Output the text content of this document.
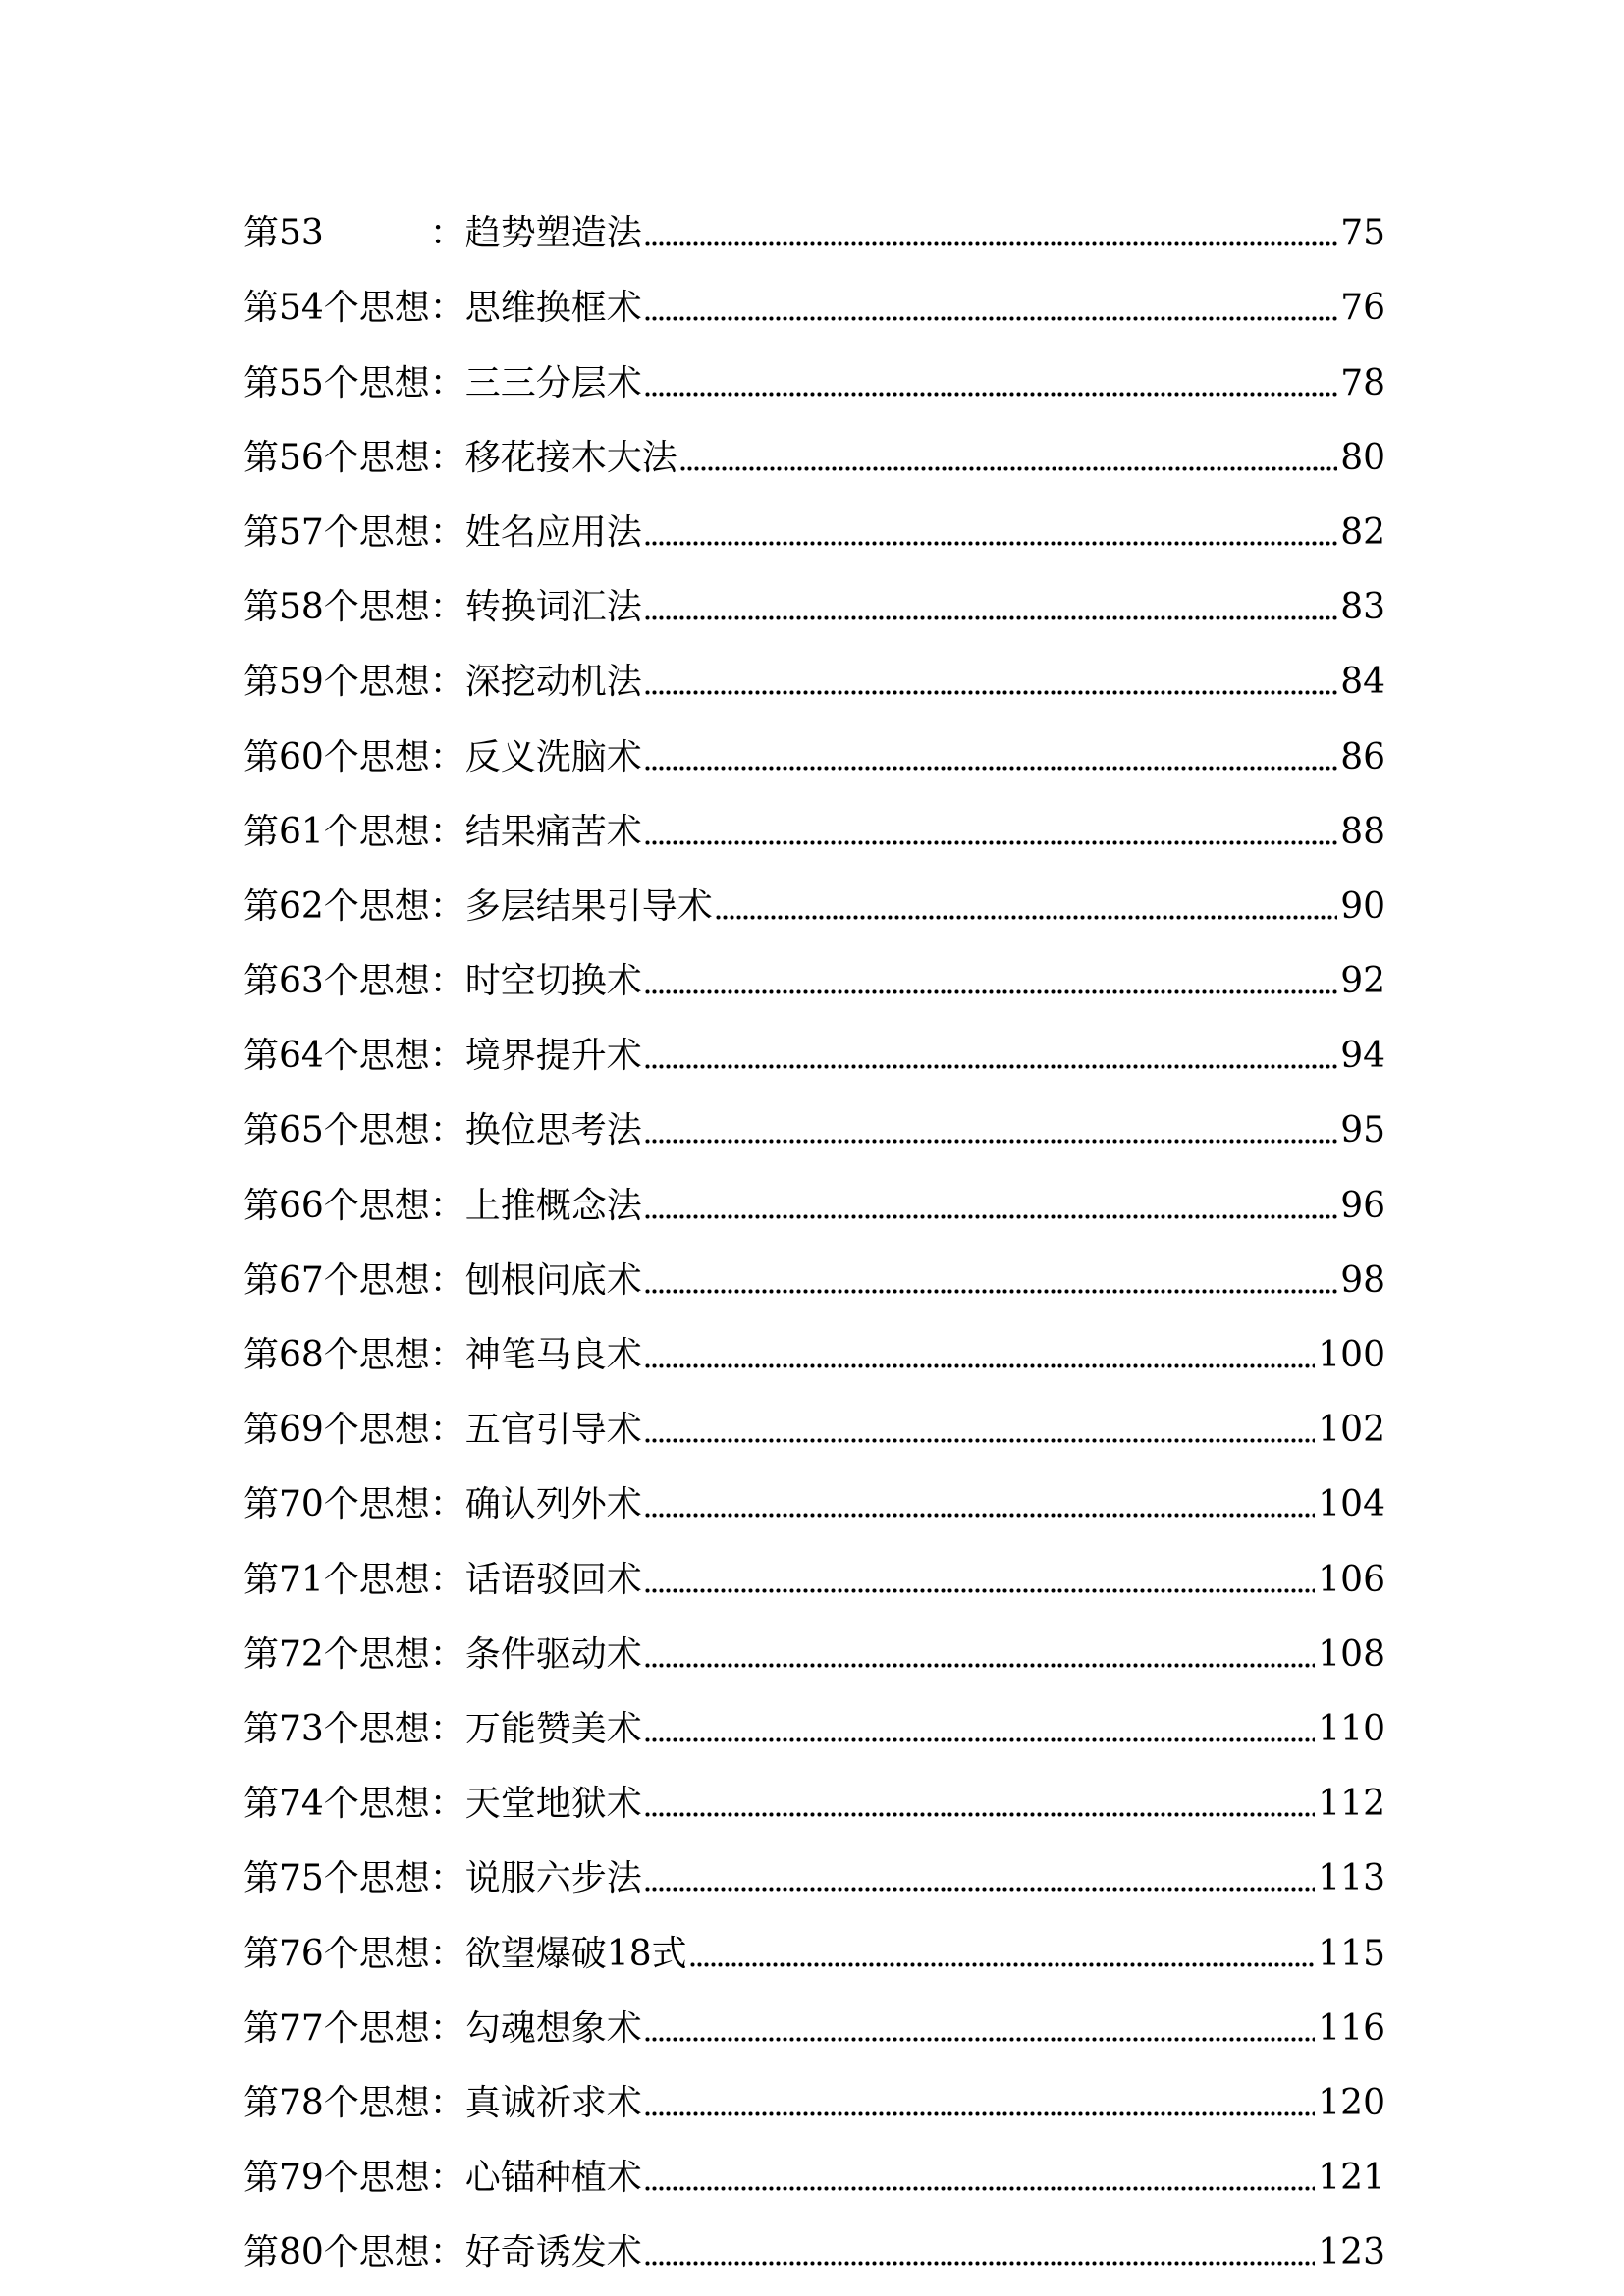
第53　　　：趋势塑造法	75
第54个思想：思维换框术	76
第55个思想：三三分层术	78
第56个思想：移花接木大法	80
第57个思想：姓名应用法	82
第58个思想：转换词汇法	83
第59个思想：深挖动机法	84
第60个思想：反义洗脑术	86
第61个思想：结果痛苦术	88
第62个思想：多层结果引导术	90
第63个思想：时空切换术	92
第64个思想：境界提升术	94
第65个思想：换位思考法	95
第66个思想：上推概念法	96
第67个思想：刨根问底术	98
第68个思想：神笔马良术	100
第69个思想：五官引导术	102
第70个思想：确认列外术	104
第71个思想：话语驳回术	106
第72个思想：条件驱动术	108
第73个思想：万能赞美术	110
第74个思想：天堂地狱术	112
第75个思想：说服六步法	113
第76个思想：欲望爆破18式	115
第77个思想：勾魂想象术	116
第78个思想：真诚祈求术	120
第79个思想：心锚种植术	121
第80个思想：好奇诱发术	123
